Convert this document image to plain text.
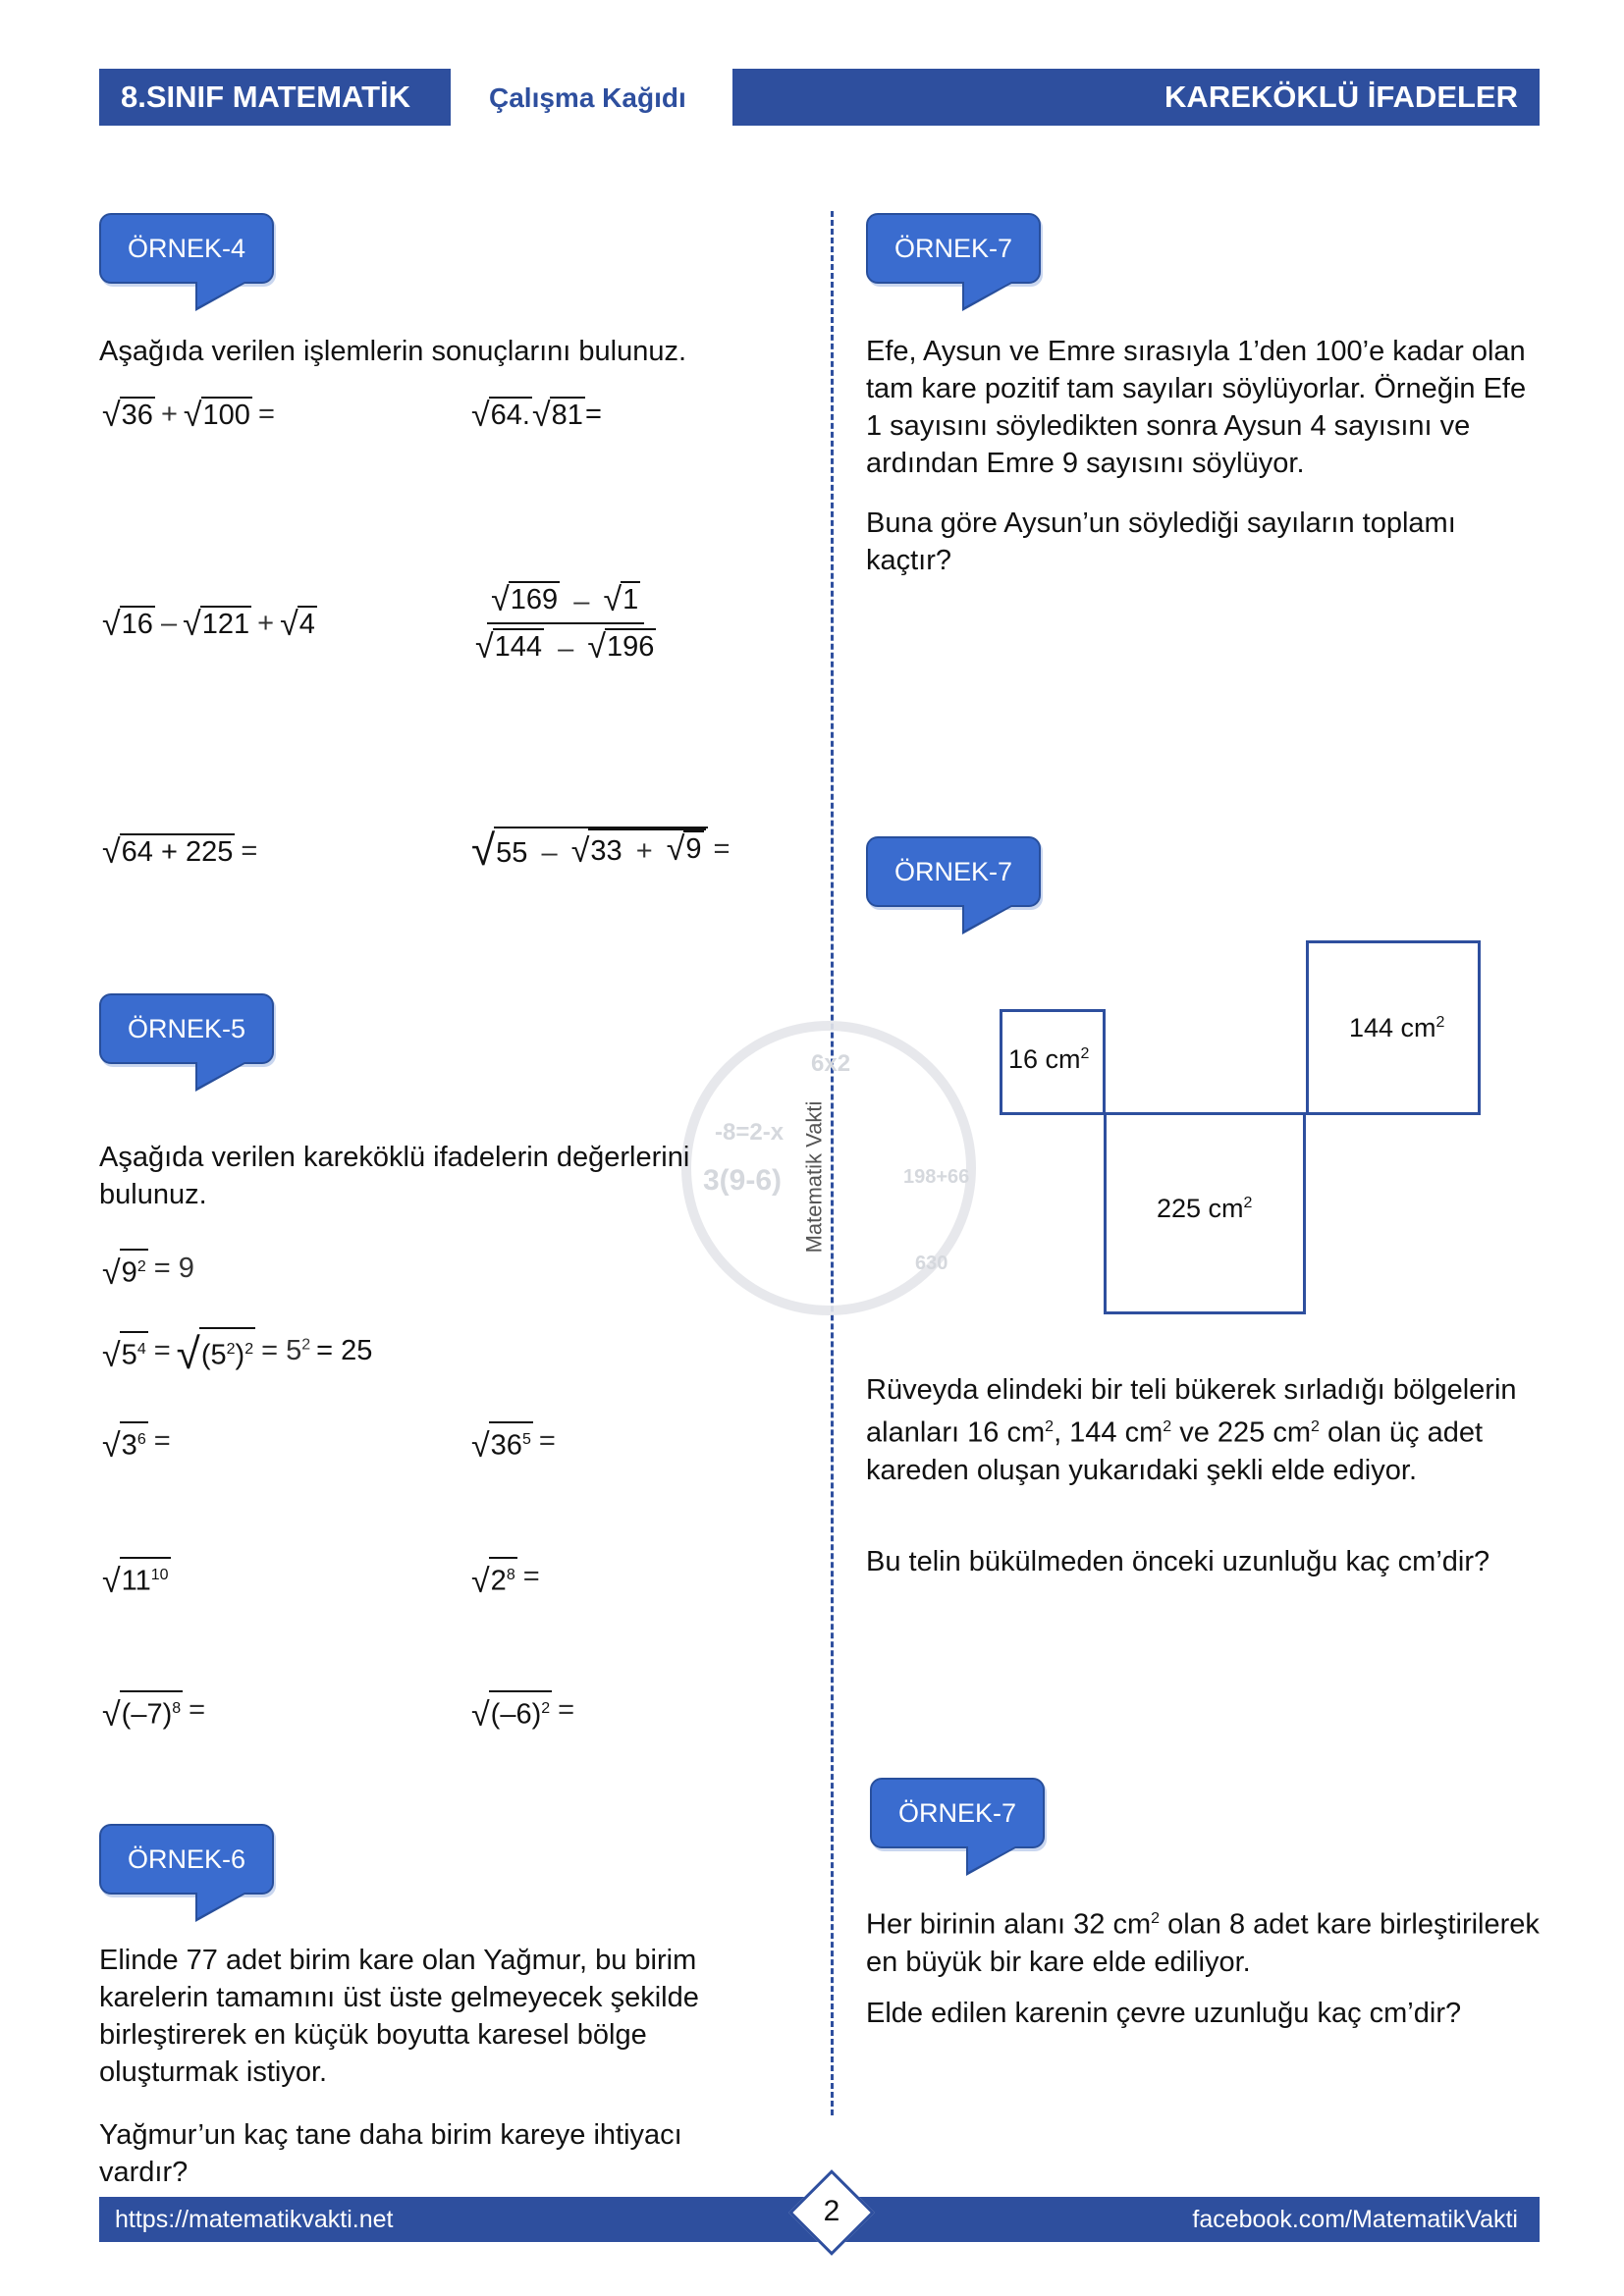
8.SINIF MATEMATİK	Çalışma Kağıdı	KAREKÖKLÜ İFADELER
6x2
-8=2-x
3(9-6)	198+66
630
Matematik Vakti
ÖRNEK-4
Aşağıda verilen işlemlerin sonuçlarını bulunuz.
√ 36 + √ 100 =	√ 64. √ 81 =
√ 16 – √ 121 + √ 4	$\frac{√ 169 - √ 1}{√ 144 - √ 196}$
√ 64 + 225 =	√ 55 – √ 33 + √ 9 =
ÖRNEK-5
Aşağıda verilen kareköklü ifadelerin değerlerini bulunuz.
√ $9^2 = 9$
√ $5^4$ = √ $(5^2)^2 = 5^2 = 25$
√ $3^6$ =	√ $36^5$ =
√ $11^{10}$	√ $2^8$ =
√ $(-7)^8$ =	√ $(-6)^2$ =
ÖRNEK-6
Elinde 77 adet birim kare olan Yağmur, bu birim karelerin tamamını üst üste gelmeyecek şekilde birleştirerek en küçük boyutta karesel bölge oluşturmak istiyor.
Yağmur’un kaç tane daha birim kareye ihtiyacı vardır?
ÖRNEK-7
Efe, Aysun ve Emre sırasıyla 1’den 100’e kadar olan tam kare pozitif tam sayıları söylüyorlar. Örneğin Efe 1 sayısını söyledikten sonra Aysun 4 sayısını ve ardından Emre 9 sayısını söylüyor.
Buna göre Aysun’un söylediği sayıların toplamı kaçtır?
ÖRNEK-7
16 $cm^2$
144 $cm^2$
225 $cm^2$
Rüveyda elindeki bir teli bükerek sırladığı bölgelerin alanları 16 $cm^2$, 144 $cm^2$ ve 225 $cm^2$ olan üç adet kareden oluşan yukarıdaki şekli elde ediyor.
Bu telin bükülmeden önceki uzunluğu kaç cm’dir?
ÖRNEK-7
Her birinin alanı 32 $cm^2$ olan 8 adet kare birleştirilerek en büyük bir kare elde ediliyor.
Elde edilen karenin çevre uzunluğu kaç cm’dir?
https://matematikvakti.net	facebook.com/MatematikVakti
2
